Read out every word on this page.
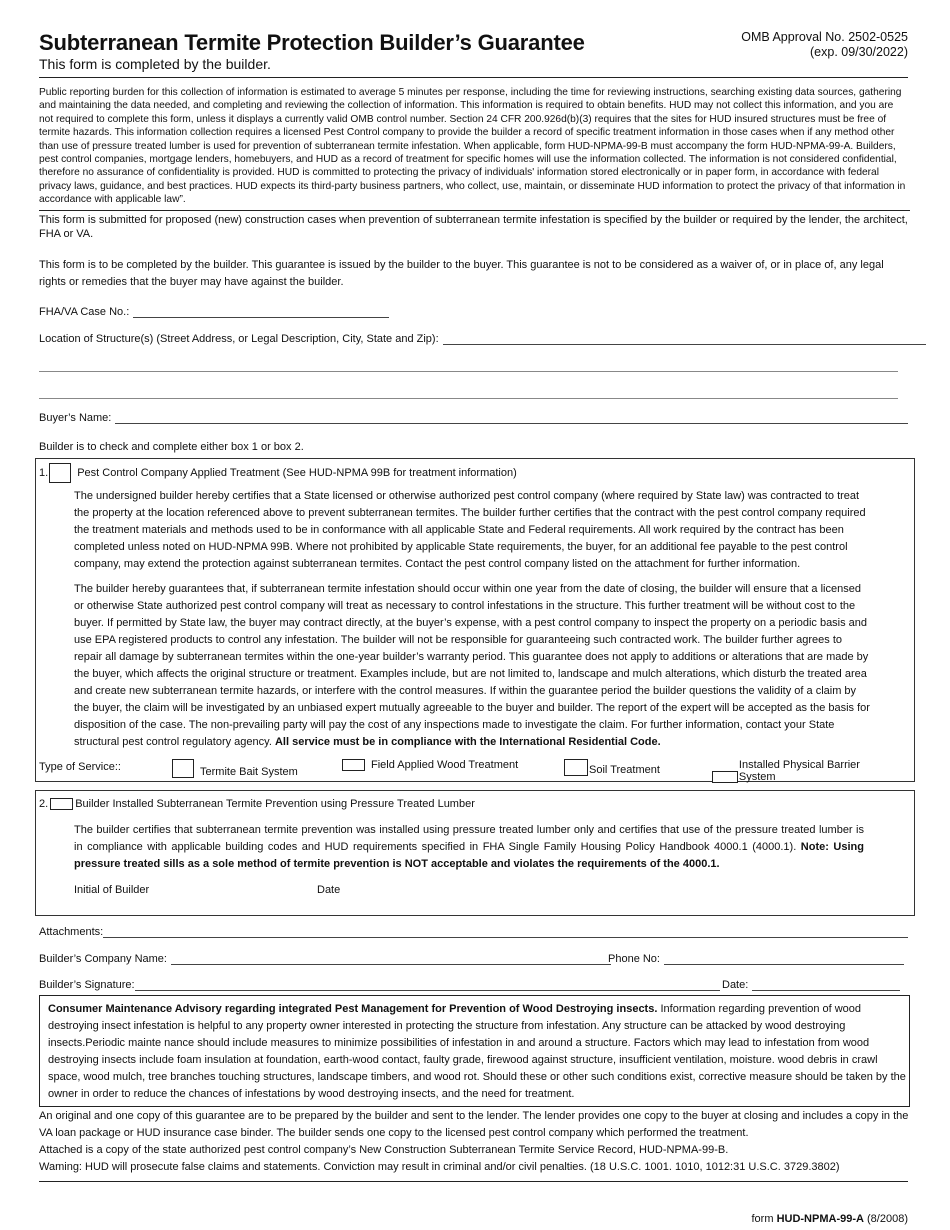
Subterranean Termite Protection Builder’s Guarantee
This form is completed by the builder.
OMB Approval No. 2502-0525
(exp. 09/30/2022)
Public reporting burden for this collection of information is estimated to average 5 minutes per response, including the time for reviewing instructions, searching existing data sources, gathering and maintaining the data needed, and completing and reviewing the collection of information. This information is required to obtain benefits. HUD may not collect this information, and you are not required to complete this form, unless it displays a currently valid OMB control number. Section 24 CFR 200.926d(b)(3) requires that the sites for HUD insured structures must be free of termite hazards. This information collection requires a licensed Pest Control company to provide the builder a record of specific treatment information in those cases when if any method other than use of pressure treated lumber is used for prevention of subterranean termite infestation. When applicable, form HUD-NPMA-99-B must accompany the form HUD-NPMA-99-A. Builders, pest control companies, mortgage lenders, homebuyers, and HUD as a record of treatment for specific homes will use the information collected. The information is not considered confidential, therefore no assurance of confidentiality is provided. HUD is committed to protecting the privacy of individuals' information stored electronically or in paper form, in accordance with federal privacy laws, guidance, and best practices. HUD expects its third-party business partners, who collect, use, maintain, or disseminate HUD information to protect the privacy of that information in accordance with applicable law”.
This form is submitted for proposed (new) construction cases when prevention of subterranean termite infestation is specified by the builder or required by the lender, the architect, FHA or VA.
This form is to be completed by the builder. This guarantee is issued by the builder to the buyer. This guarantee is not to be considered as a waiver of, or in place of, any legal rights or remedies that the buyer may have against the builder.
FHA/VA Case No.:
Location of Structure(s) (Street Address, or Legal Description, City, State and Zip):
Buyer’s Name:
Builder is to check and complete either box 1 or box 2.
1.	Pest Control Company Applied Treatment (See HUD-NPMA 99B for treatment information)
The undersigned builder hereby certifies that a State licensed or otherwise authorized pest control company (where required by State law) was contracted to treat the property at the location referenced above to prevent subterranean termites. The builder further certifies that the contract with the pest control company required the treatment materials and methods used to be in conformance with all applicable State and Federal requirements. All work required by the contract has been completed unless noted on HUD-NPMA 99B. Where not prohibited by applicable State requirements, the buyer, for an additional fee payable to the pest control company, may extend the protection against subterranean termites. Contact the pest control company listed on the attachment for further information.
The builder hereby guarantees that, if subterranean termite infestation should occur within one year from the date of closing, the builder will ensure that a licensed or otherwise State authorized pest control company will treat as necessary to control infestations in the structure. This further treatment will be without cost to the buyer. If permitted by State law, the buyer may contract directly, at the buyer’s expense, with a pest control company to inspect the property on a periodic basis and use EPA registered products to control any infestation. The builder will not be responsible for guaranteeing such contracted work. The builder further agrees to repair all damage by subterranean termites within the one-year builder’s warranty period. This guarantee does not apply to additions or alterations that are made by the buyer, which affects the original structure or treatment. Examples include, but are not limited to, landscape and mulch alterations, which disturb the treated area and create new subterranean termite hazards, or interfere with the control measures. If within the guarantee period the builder questions the validity of a claim by the buyer, the claim will be investigated by an unbiased expert mutually agreeable to the buyer and builder. The report of the expert will be accepted as the basis for disposition of the case. The non-prevailing party will pay the cost of any inspections made to investigate the claim. For further information, contact your State structural pest control regulatory agency. All service must be in compliance with the International Residential Code.
Type of Service::	Termite Bait System
Field Applied Wood Treatment	Soil Treatment	Installed Physical Barrier System
2. Builder Installed Subterranean Termite Prevention using Pressure Treated Lumber
The builder certifies that subterranean termite prevention was installed using pressure treated lumber only and certifies that use of the pressure treated lumber is in compliance with applicable building codes and HUD requirements specified in FHA Single Family Housing Policy Handbook 4000.1 (4000.1). Note: Using pressure treated sills as a sole method of termite prevention is NOT acceptable and violates the requirements of the 4000.1.
Initial of Builder	Date
Attachments:
Builder’s Company Name:	Phone No:
Builder’s Signature:	Date:
Consumer Maintenance Advisory regarding integrated Pest Management for Prevention of Wood Destroying insects. Information regarding prevention of wood destroying insect infestation is helpful to any property owner interested in protecting the structure from infestation. Any structure can be attacked by wood destroying insects.Periodic mainte nance should include measures to minimize possibilities of infestation in and around a structure. Factors which may lead to infestation from wood destroying insects include foam insulation at foundation, earth-wood contact, faulty grade, firewood against structure, insufficient ventilation, moisture. wood debris in crawl space, wood mulch, tree branches touching structures, landscape timbers, and wood rot. Should these or other such conditions exist, corrective measure should be taken by the owner in order to reduce the chances of infestations by wood destroying insects, and the need for treatment.
An original and one copy of this guarantee are to be prepared by the builder and sent to the lender. The lender provides one copy to the buyer at closing and includes a copy in the VA loan package or HUD insurance case binder. The builder sends one copy to the licensed pest control company which performed the treatment.
Attached is a copy of the state authorized pest control company’s New Construction Subterranean Termite Service Record, HUD-NPMA-99-B.
Waming: HUD will prosecute false claims and statements. Conviction may result in criminal and/or civil penalties. (18 U.S.C. 1001. 1010, 1012:31 U.S.C. 3729.3802)
form HUD-NPMA-99-A (8/2008)
